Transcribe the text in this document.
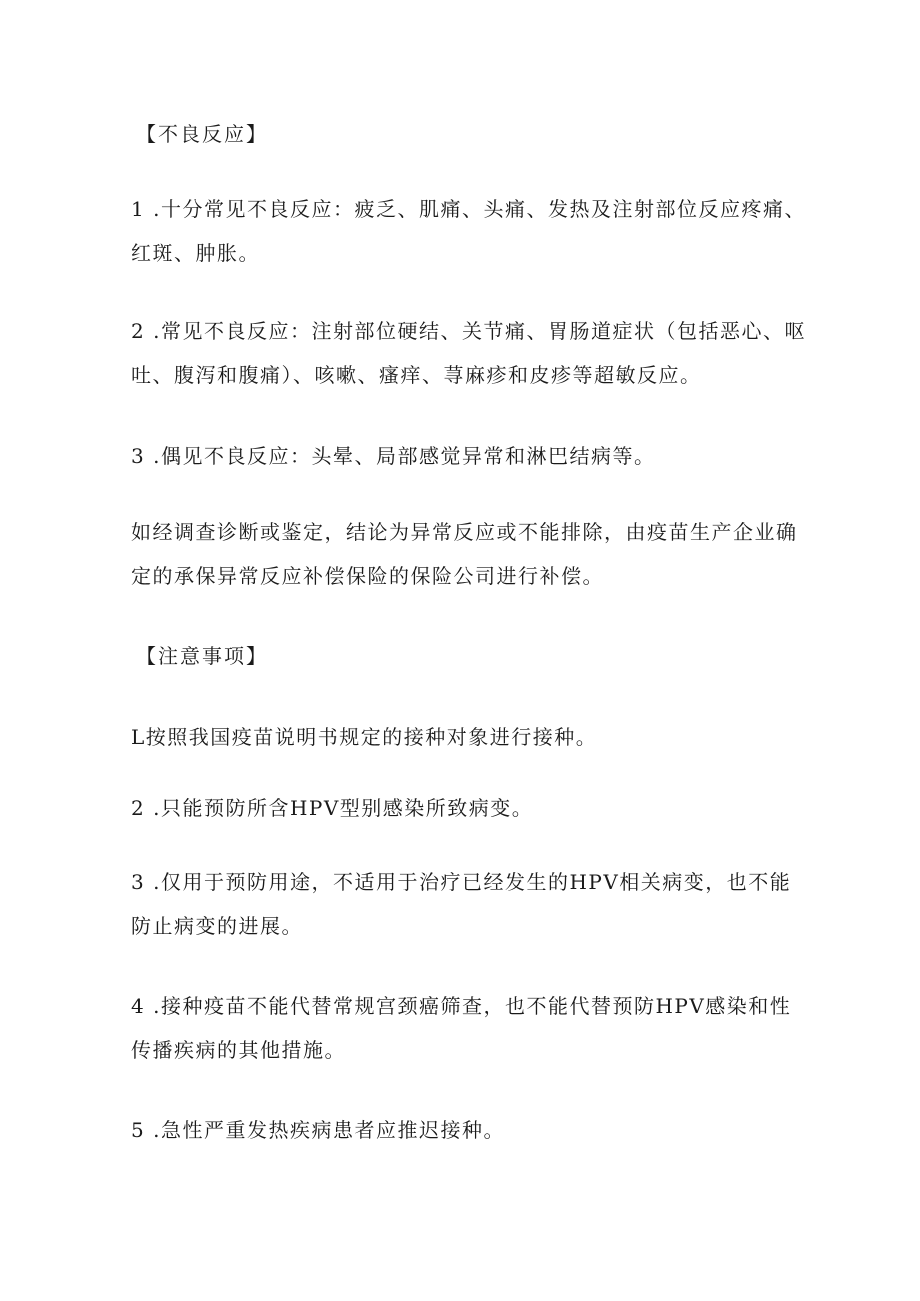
【不良反应】
1 .十分常见不良反应：疲乏、肌痛、头痛、发热及注射部位反应疼痛、红斑、肿胀。
2 .常见不良反应：注射部位硬结、关节痛、胃肠道症状（包括恶心、呕吐、腹泻和腹痛）、咳嗽、瘙痒、荨麻疹和皮疹等超敏反应。
3 .偶见不良反应：头晕、局部感觉异常和淋巴结病等。
如经调查诊断或鉴定，结论为异常反应或不能排除，由疫苗生产企业确定的承保异常反应补偿保险的保险公司进行补偿。
【注意事项】
L按照我国疫苗说明书规定的接种对象进行接种。
2 .只能预防所含HPV型别感染所致病变。
3 .仅用于预防用途，不适用于治疗已经发生的HPV相关病变，也不能防止病变的进展。
4 .接种疫苗不能代替常规宫颈癌筛查，也不能代替预防HPV感染和性传播疾病的其他措施。
5 .急性严重发热疾病患者应推迟接种。
